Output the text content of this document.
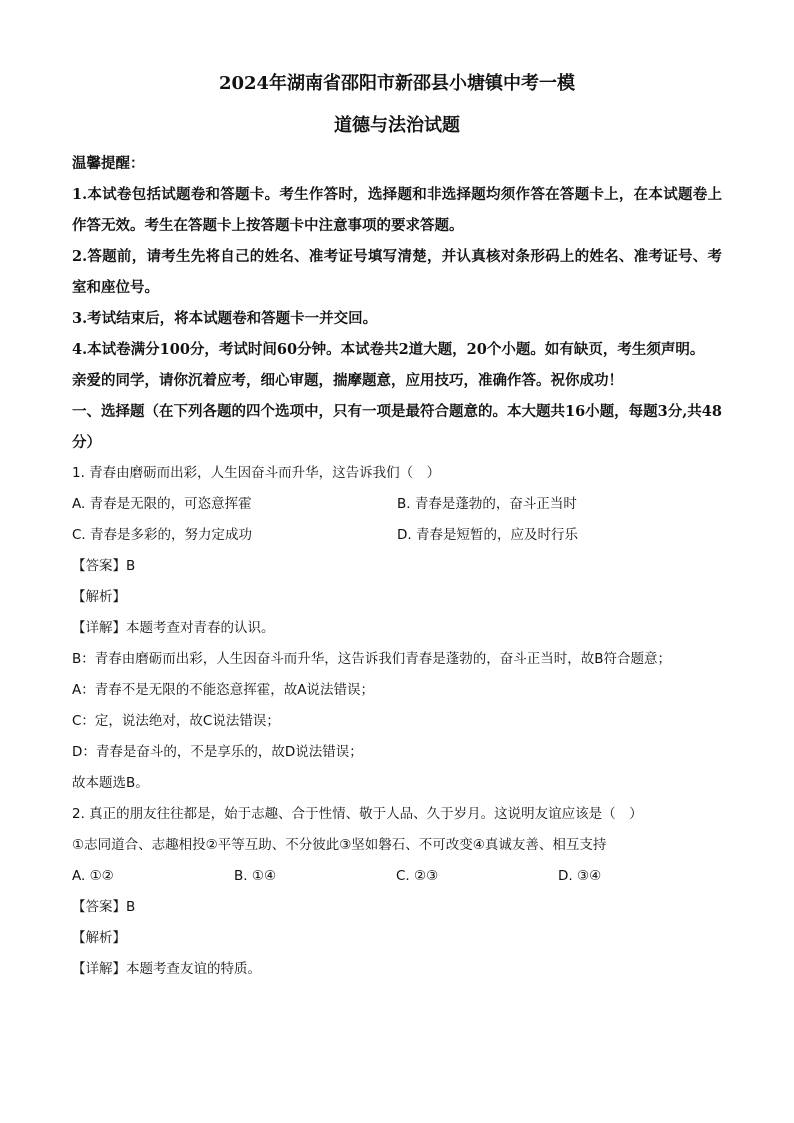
2024年湖南省邵阳市新邵县小塘镇中考一模

道德与法治试题

温馨提醒：

1.本试卷包括试题卷和答题卡。考生作答时，选择题和非选择题均须作答在答题卡上，在本试题卷上作答无效。考生在答题卡上按答题卡中注意事项的要求答题。

2.答题前，请考生先将自己的姓名、准考证号填写清楚，并认真核对条形码上的姓名、准考证号、考室和座位号。

3.考试结束后，将本试题卷和答题卡一并交回。

4.本试卷满分100分，考试时间60分钟。本试卷共2道大题，20个小题。如有缺页，考生须声明。

亲爱的同学，请你沉着应考，细心审题，揣摩题意，应用技巧，准确作答。祝你成功！

一、选择题（在下列各题的四个选项中，只有一项是最符合题意的。本大题共16小题，每题3分,共48分）

1. 青春由磨砺而出彩，人生因奋斗而升华，这告诉我们（　）

A. 青春是无限的，可恣意挥霍	B. 青春是蓬勃的，奋斗正当时
C. 青春是多彩的，努力定成功	D. 青春是短暂的，应及时行乐

【答案】B

【解析】

【详解】本题考查对青春的认识。

B：青春由磨砺而出彩，人生因奋斗而升华，这告诉我们青春是蓬勃的，奋斗正当时，故B符合题意；

A：青春不是无限的不能恣意挥霍，故A说法错误；

C：定，说法绝对，故C说法错误；

D：青春是奋斗的，不是享乐的，故D说法错误；

故本题选B。

2. 真正的朋友往往都是，始于志趣、合于性情、敬于人品、久于岁月。这说明友谊应该是（　）

①志同道合、志趣相投②平等互助、不分彼此③坚如磐石、不可改变④真诚友善、相互支持

A. ①②	B. ①④	C. ②③	D. ③④

【答案】B

【解析】

【详解】本题考查友谊的特质。
